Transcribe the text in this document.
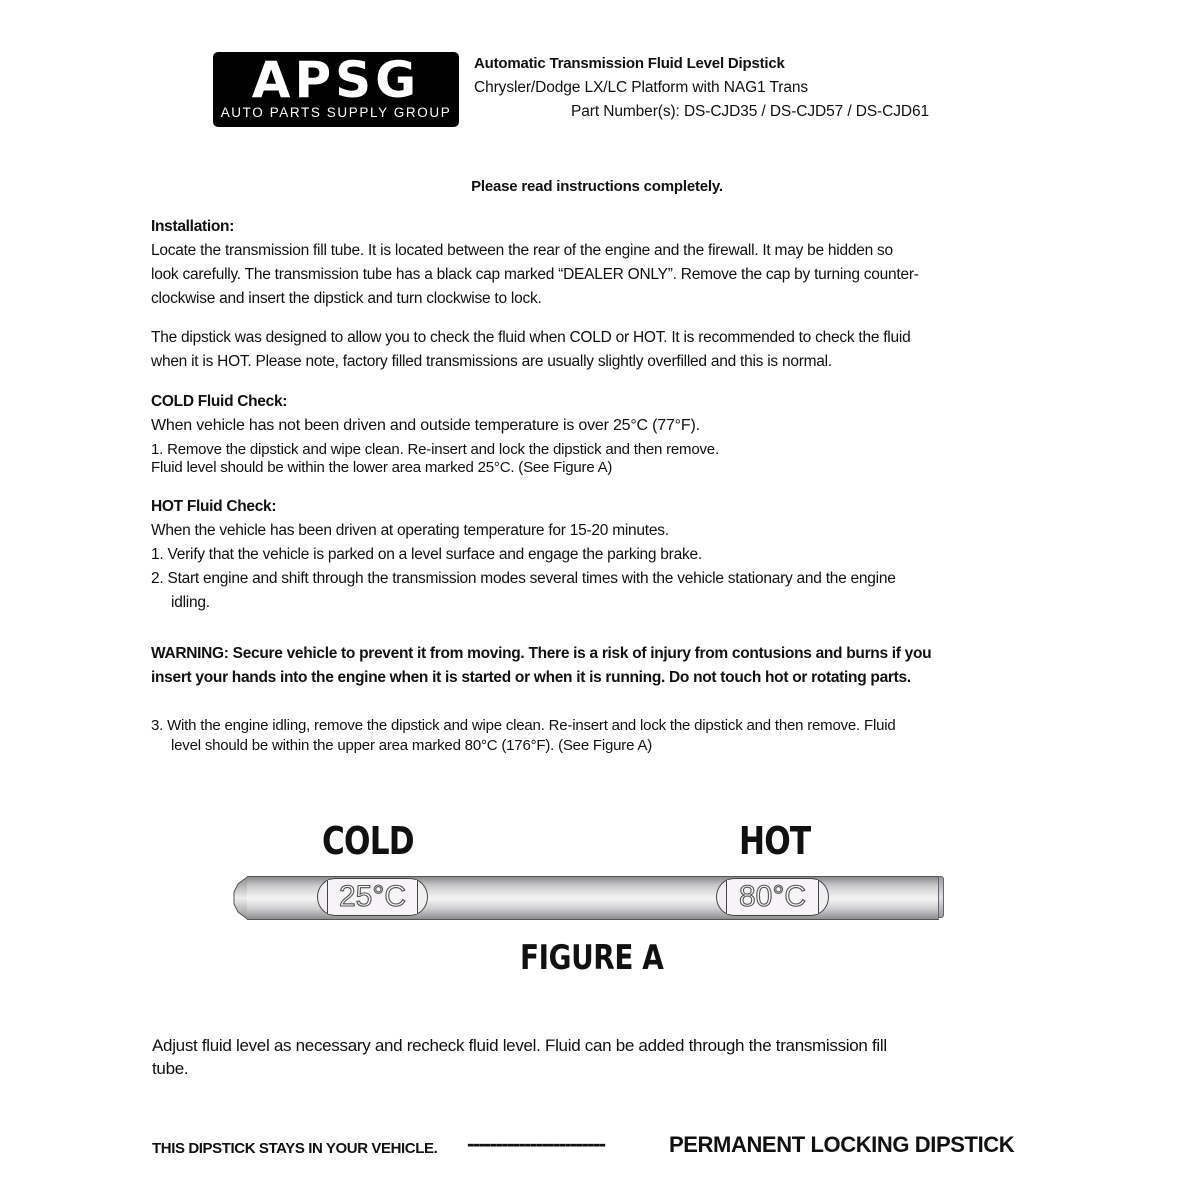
APSG
AUTO PARTS SUPPLY GROUP
Automatic Transmission Fluid Level Dipstick
Chrysler/Dodge LX/LC Platform with NAG1 Trans
Part Number(s): DS-CJD35 / DS-CJD57 / DS-CJD61
Please read instructions completely.
Installation:
Locate the transmission fill tube. It is located between the rear of the engine and the firewall. It may be hidden so
look carefully. The transmission tube has a black cap marked “DEALER ONLY”. Remove the cap by turning counter-
clockwise and insert the dipstick and turn clockwise to lock.
The dipstick was designed to allow you to check the fluid when COLD or HOT. It is recommended to check the fluid
when it is HOT. Please note, factory filled transmissions are usually slightly overfilled and this is normal.
COLD Fluid Check:
When vehicle has not been driven and outside temperature is over 25°C (77°F).
1. Remove the dipstick and wipe clean. Re-insert and lock the dipstick and then remove.
Fluid level should be within the lower area marked 25°C. (See Figure A)
HOT Fluid Check:
When the vehicle has been driven at operating temperature for 15-20 minutes.
1. Verify that the vehicle is parked on a level surface and engage the parking brake.
2. Start engine and shift through the transmission modes several times with the vehicle stationary and the engine
idling.
WARNING: Secure vehicle to prevent it from moving. There is a risk of injury from contusions and burns if you
insert your hands into the engine when it is started or when it is running. Do not touch hot or rotating parts.
3. With the engine idling, remove the dipstick and wipe clean. Re-insert and lock the dipstick and then remove. Fluid
level should be within the upper area marked 80°C (176°F). (See Figure A)
COLD	HOT
25°C	80°C
FIGURE A
Adjust fluid level as necessary and recheck fluid level. Fluid can be added through the transmission fill
tube.
THIS DIPSTICK STAYS IN YOUR VEHICLE. ------------------------	PERMANENT LOCKING DIPSTICK
